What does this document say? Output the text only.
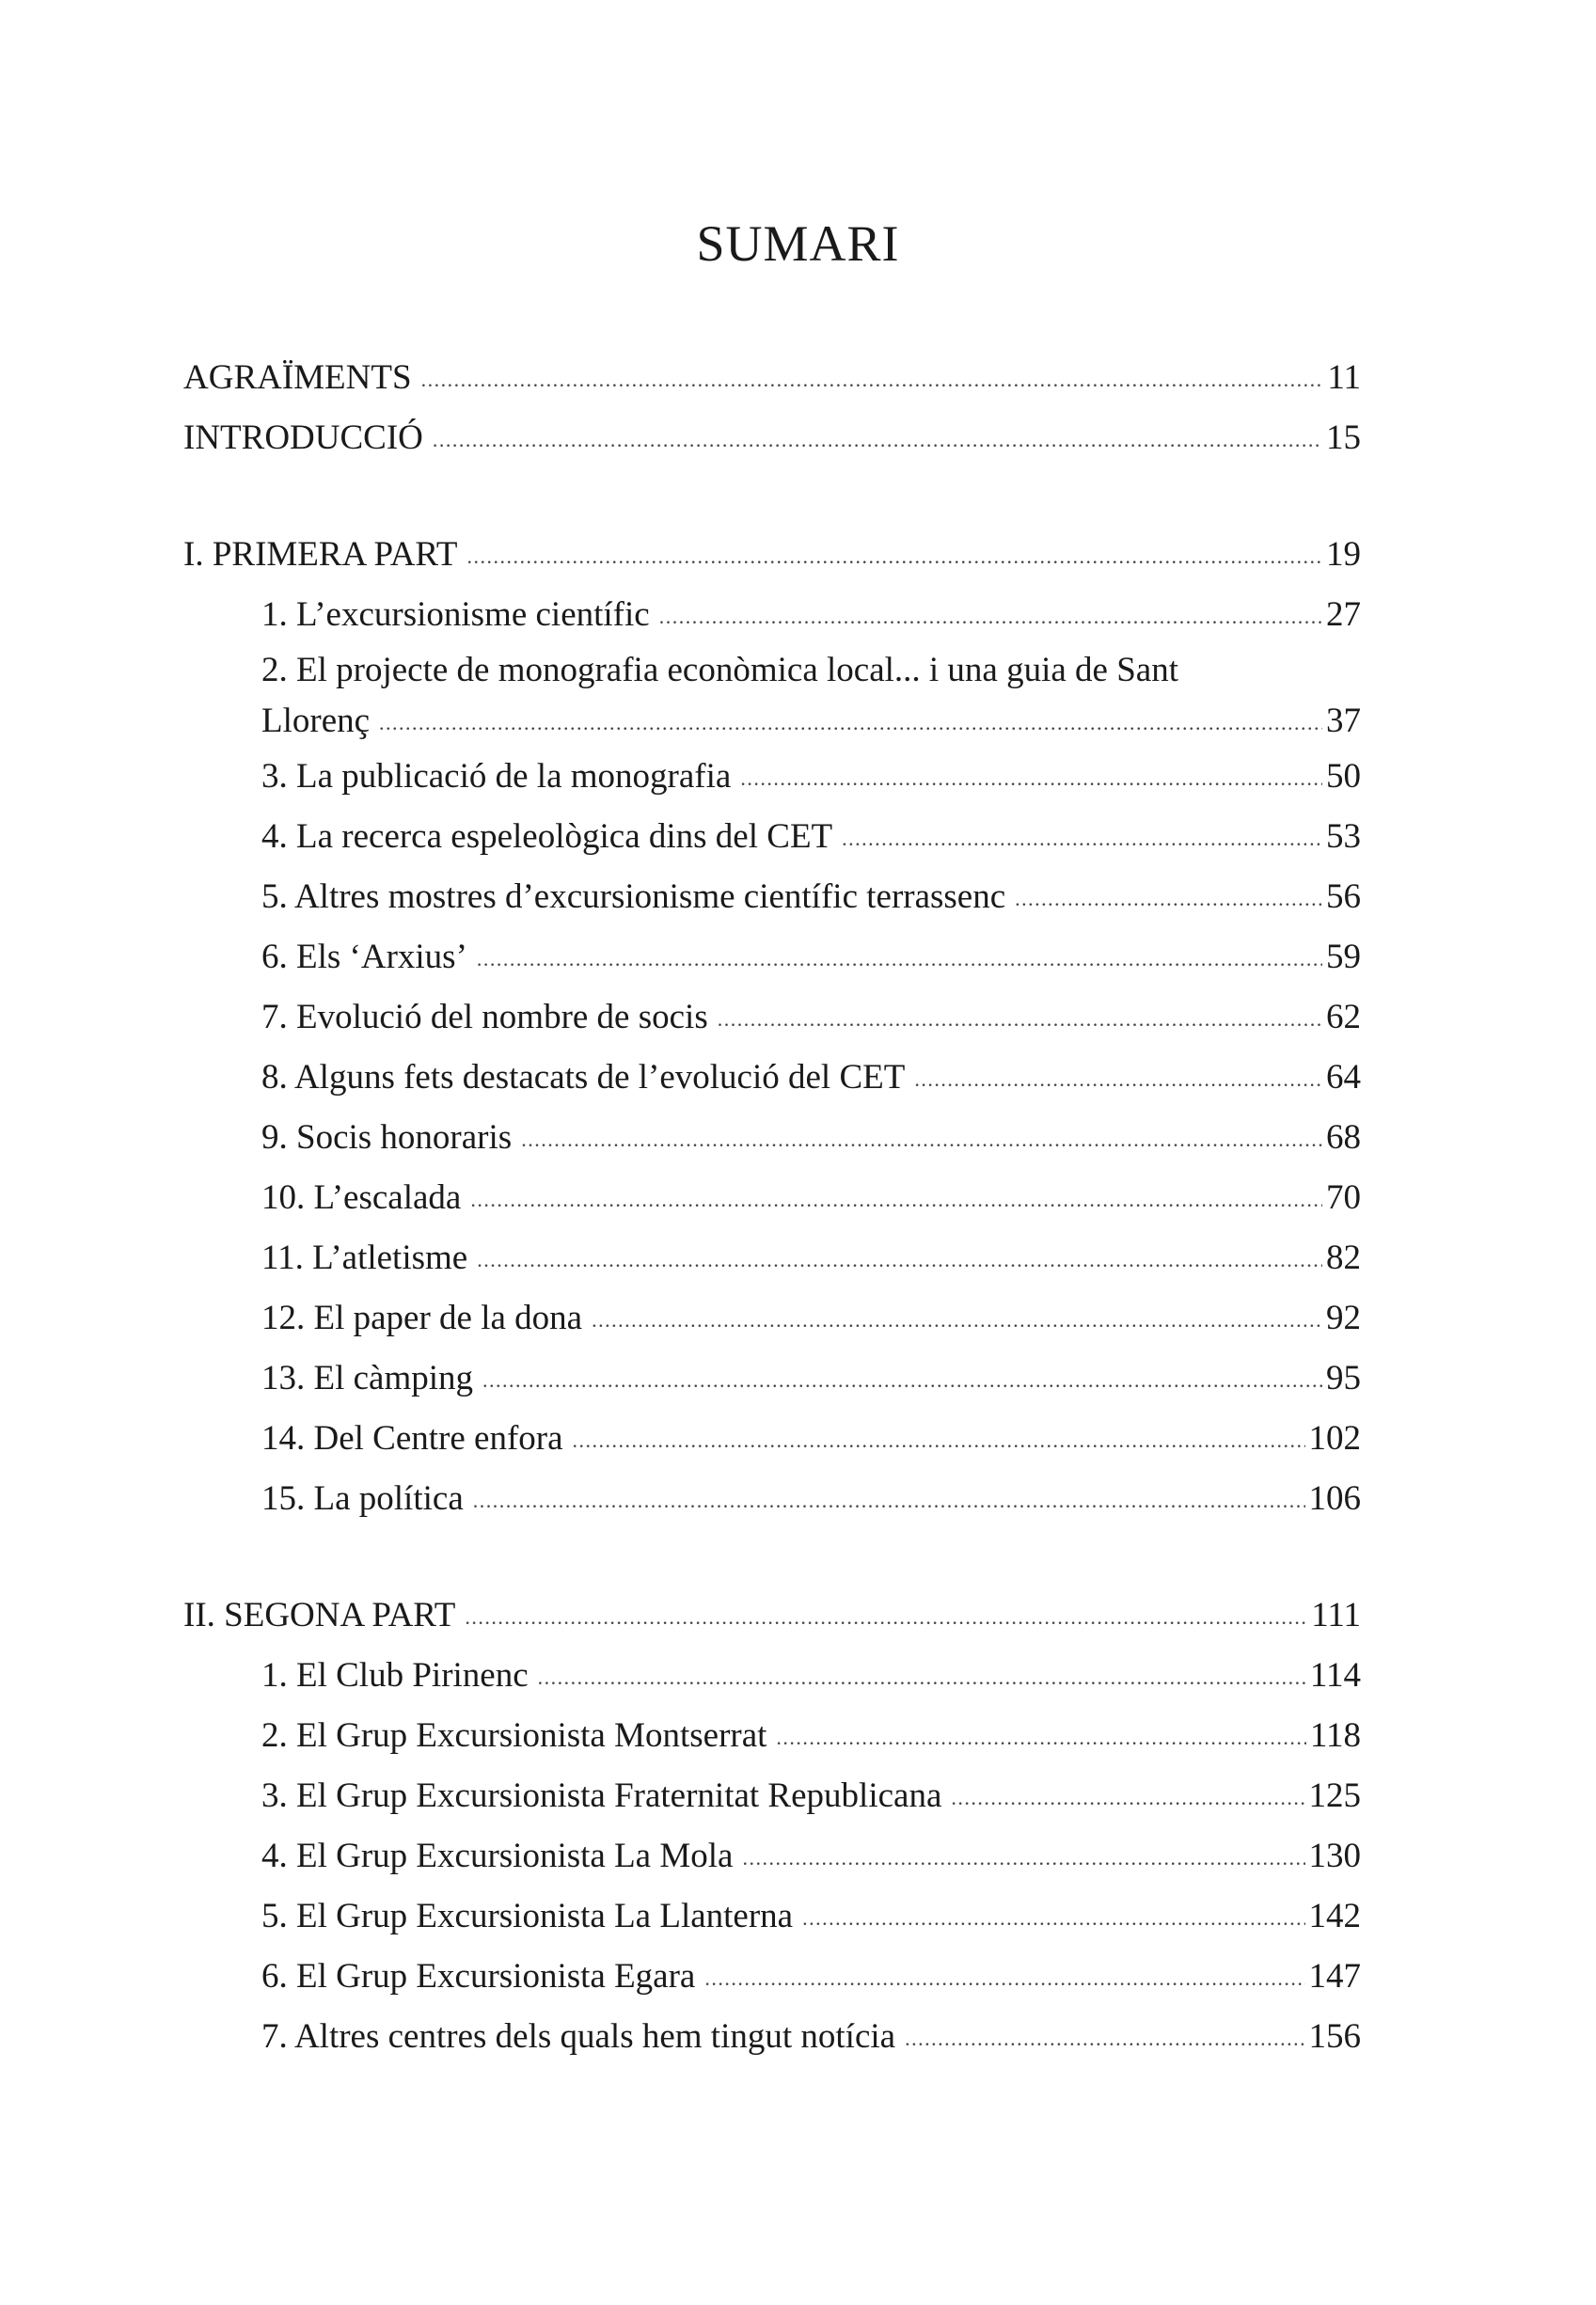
SUMARI
AGRAÏMENTS . . .	11
INTRODUCCIÓ . . .	15
I. PRIMERA PART . . .	19
1. L’excursionisme científic . . .	27
2. El projecte de monografia econòmica local... i una guia de Sant
Llorenç . . .	37
3. La publicació de la monografia . . .	50
4. La recerca espeleològica dins del CET . . .	53
5. Altres mostres d’excursionisme científic terrassenc . . .	56
6. Els ‘Arxius’ . . .	59
7. Evolució del nombre de socis . . .	62
8. Alguns fets destacats de l’evolució del CET . . .	64
9. Socis honoraris . . .	68
10. L’escalada . . .	70
11. L’atletisme . . .	82
12. El paper de la dona . . .	92
13. El càmping . . .	95
14. Del Centre enfora . . .	102
15. La política . . .	106
II. SEGONA PART . . .	111
1. El Club Pirinenc . . .	114
2. El Grup Excursionista Montserrat . . .	118
3. El Grup Excursionista Fraternitat Republicana . . .	125
4. El Grup Excursionista La Mola . . .	130
5. El Grup Excursionista La Llanterna . . .	142
6. El Grup Excursionista Egara . . .	147
7. Altres centres dels quals hem tingut notícia . . .	156
